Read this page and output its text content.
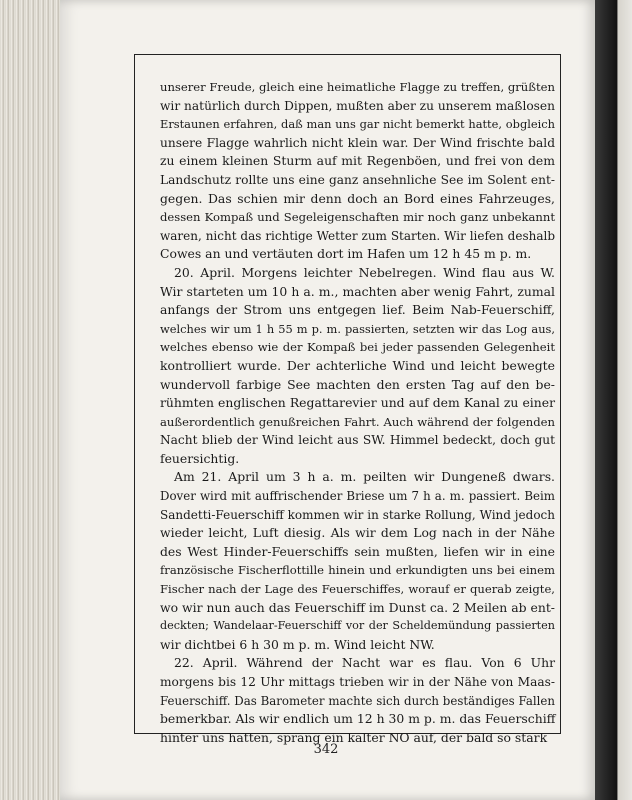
unserer Freude, gleich eine heimatliche Flagge zu treffen, grüßten
wir natürlich durch Dippen, mußten aber zu unserem maßlosen
Erstaunen erfahren, daß man uns gar nicht bemerkt hatte, obgleich
unsere Flagge wahrlich nicht klein war. Der Wind frischte bald
zu einem kleinen Sturm auf mit Regenböen, und frei von dem
Landschutz rollte uns eine ganz ansehnliche See im Solent ent-
gegen. Das schien mir denn doch an Bord eines Fahrzeuges,
dessen Kompaß und Segeleigenschaften mir noch ganz unbekannt
waren, nicht das richtige Wetter zum Starten. Wir liefen deshalb
Cowes an und vertäuten dort im Hafen um 12 h 45 m p. m.

20. April. Morgens leichter Nebelregen. Wind flau aus W.
Wir starteten um 10 h a. m., machten aber wenig Fahrt, zumal
anfangs der Strom uns entgegen lief. Beim Nab-Feuerschiff,
welches wir um 1 h 55 m p. m. passierten, setzten wir das Log aus,
welches ebenso wie der Kompaß bei jeder passenden Gelegenheit
kontrolliert wurde. Der achterliche Wind und leicht bewegte
wundervoll farbige See machten den ersten Tag auf den be-
rühmten englischen Regattarevier und auf dem Kanal zu einer
außerordentlich genußreichen Fahrt. Auch während der folgenden
Nacht blieb der Wind leicht aus SW. Himmel bedeckt, doch gut
feuersichtig.

Am 21. April um 3 h a. m. peilten wir Dungeneß dwars.
Dover wird mit auffrischender Briese um 7 h a. m. passiert. Beim
Sandetti-Feuerschiff kommen wir in starke Rollung, Wind jedoch
wieder leicht, Luft diesig. Als wir dem Log nach in der Nähe
des West Hinder-Feuerschiffs sein mußten, liefen wir in eine
französische Fischerflottille hinein und erkundigten uns bei einem
Fischer nach der Lage des Feuerschiffes, worauf er querab zeigte,
wo wir nun auch das Feuerschiff im Dunst ca. 2 Meilen ab ent-
deckten; Wandelaar-Feuerschiff vor der Scheldemündung passierten
wir dichtbei 6 h 30 m p. m. Wind leicht NW.

22. April. Während der Nacht war es flau. Von 6 Uhr
morgens bis 12 Uhr mittags trieben wir in der Nähe von Maas-
Feuerschiff. Das Barometer machte sich durch beständiges Fallen
bemerkbar. Als wir endlich um 12 h 30 m p. m. das Feuerschiff
hinter uns hatten, sprang ein kalter NO auf, der bald so stark

342
